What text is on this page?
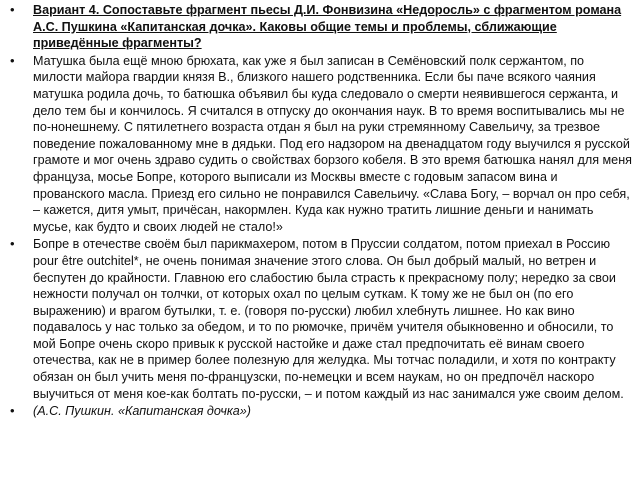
• Вариант 4. Сопоставьте фрагмент пьесы Д.И. Фонвизина «Недоросль» с фрагментом романа А.С. Пушкина «Капитанская дочка». Каковы общие темы и проблемы, сближающие приведённые фрагменты?
• Матушка была ещё мною брюхата, как уже я был записан в Семёновский полк сержантом, по милости майора гвардии князя В., близкого нашего родственника. Если бы паче всякого чаяния матушка родила дочь, то батюшка объявил бы куда следовало о смерти неявившегося сержанта, и дело тем бы и кончилось. Я считался в отпуску до окончания наук. В то время воспитывались мы не по-нонешнему. С пятилетнего возраста отдан я был на руки стремянному Савельичу, за трезвое поведение пожалованному мне в дядьки. Под его надзором на двенадцатом году выучился я русской грамоте и мог очень здраво судить о свойствах борзого кобеля. В это время батюшка нанял для меня француза, мосье Бопре, которого выписали из Москвы вместе с годовым запасом вина и прованского масла. Приезд его сильно не понравился Савельичу. «Слава Богу, – ворчал он про себя, – кажется, дитя умыт, причёсан, накормлен. Куда как нужно тратить лишние деньги и нанимать мусье, как будто и своих людей не стало!»
• Бопре в отечестве своём был парикмахером, потом в Пруссии солдатом, потом приехал в Россию pour être outchitel*, не очень понимая значение этого слова. Он был добрый малый, но ветрен и беспутен до крайности. Главною его слабостию была страсть к прекрасному полу; нередко за свои нежности получал он толчки, от которых охал по целым суткам. К тому же не был он (по его выражению) и врагом бутылки, т. е. (говоря по-русски) любил хлебнуть лишнее. Но как вино подавалось у нас только за обедом, и то по рюмочке, причём учителя обыкновенно и обносили, то мой Бопре очень скоро привык к русской настойке и даже стал предпочитать её винам своего отечества, как не в пример более полезную для желудка. Мы тотчас поладили, и хотя по контракту обязан он был учить меня по-французски, по-немецки и всем наукам, но он предпочёл наскоро выучиться от меня кое-как болтать по-русски, – и потом каждый из нас занимался уже своим делом.
• (А.С. Пушкин. «Капитанская дочка»)
